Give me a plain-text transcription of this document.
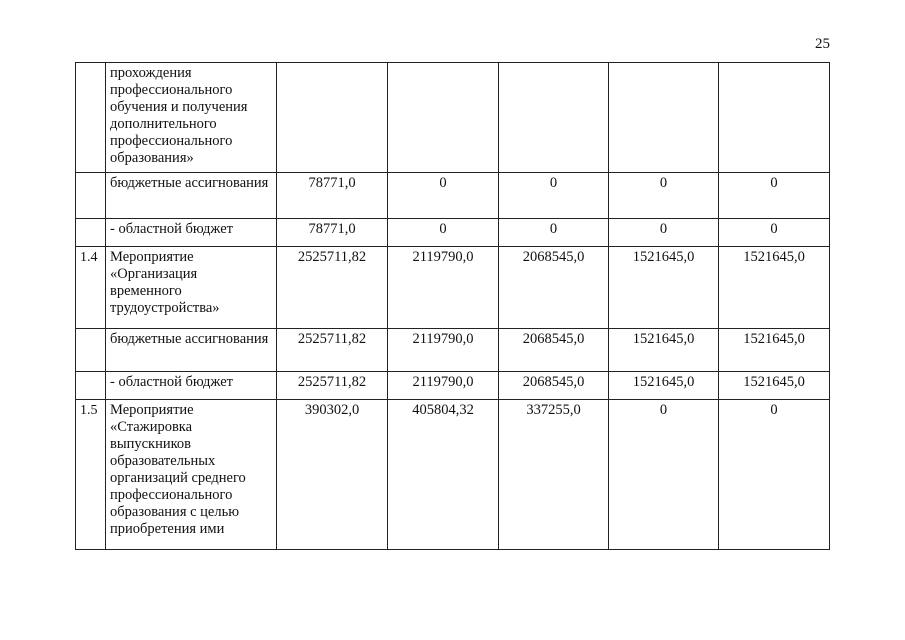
25
	прохождения профессионального обучения и получения дополнительного профессионального образования»					
	бюджетные ассигнования	78771,0	0	0	0	0
	- областной бюджет	78771,0	0	0	0	0
1.4	Мероприятие «Организация временного трудоустройства»	2525711,82	2119790,0	2068545,0	1521645,0	1521645,0
	бюджетные ассигнования	2525711,82	2119790,0	2068545,0	1521645,0	1521645,0
	- областной бюджет	2525711,82	2119790,0	2068545,0	1521645,0	1521645,0
1.5	Мероприятие «Стажировка выпускников образовательных организаций среднего профессионального образования с целью приобретения ими	390302,0	405804,32	337255,0	0	0
